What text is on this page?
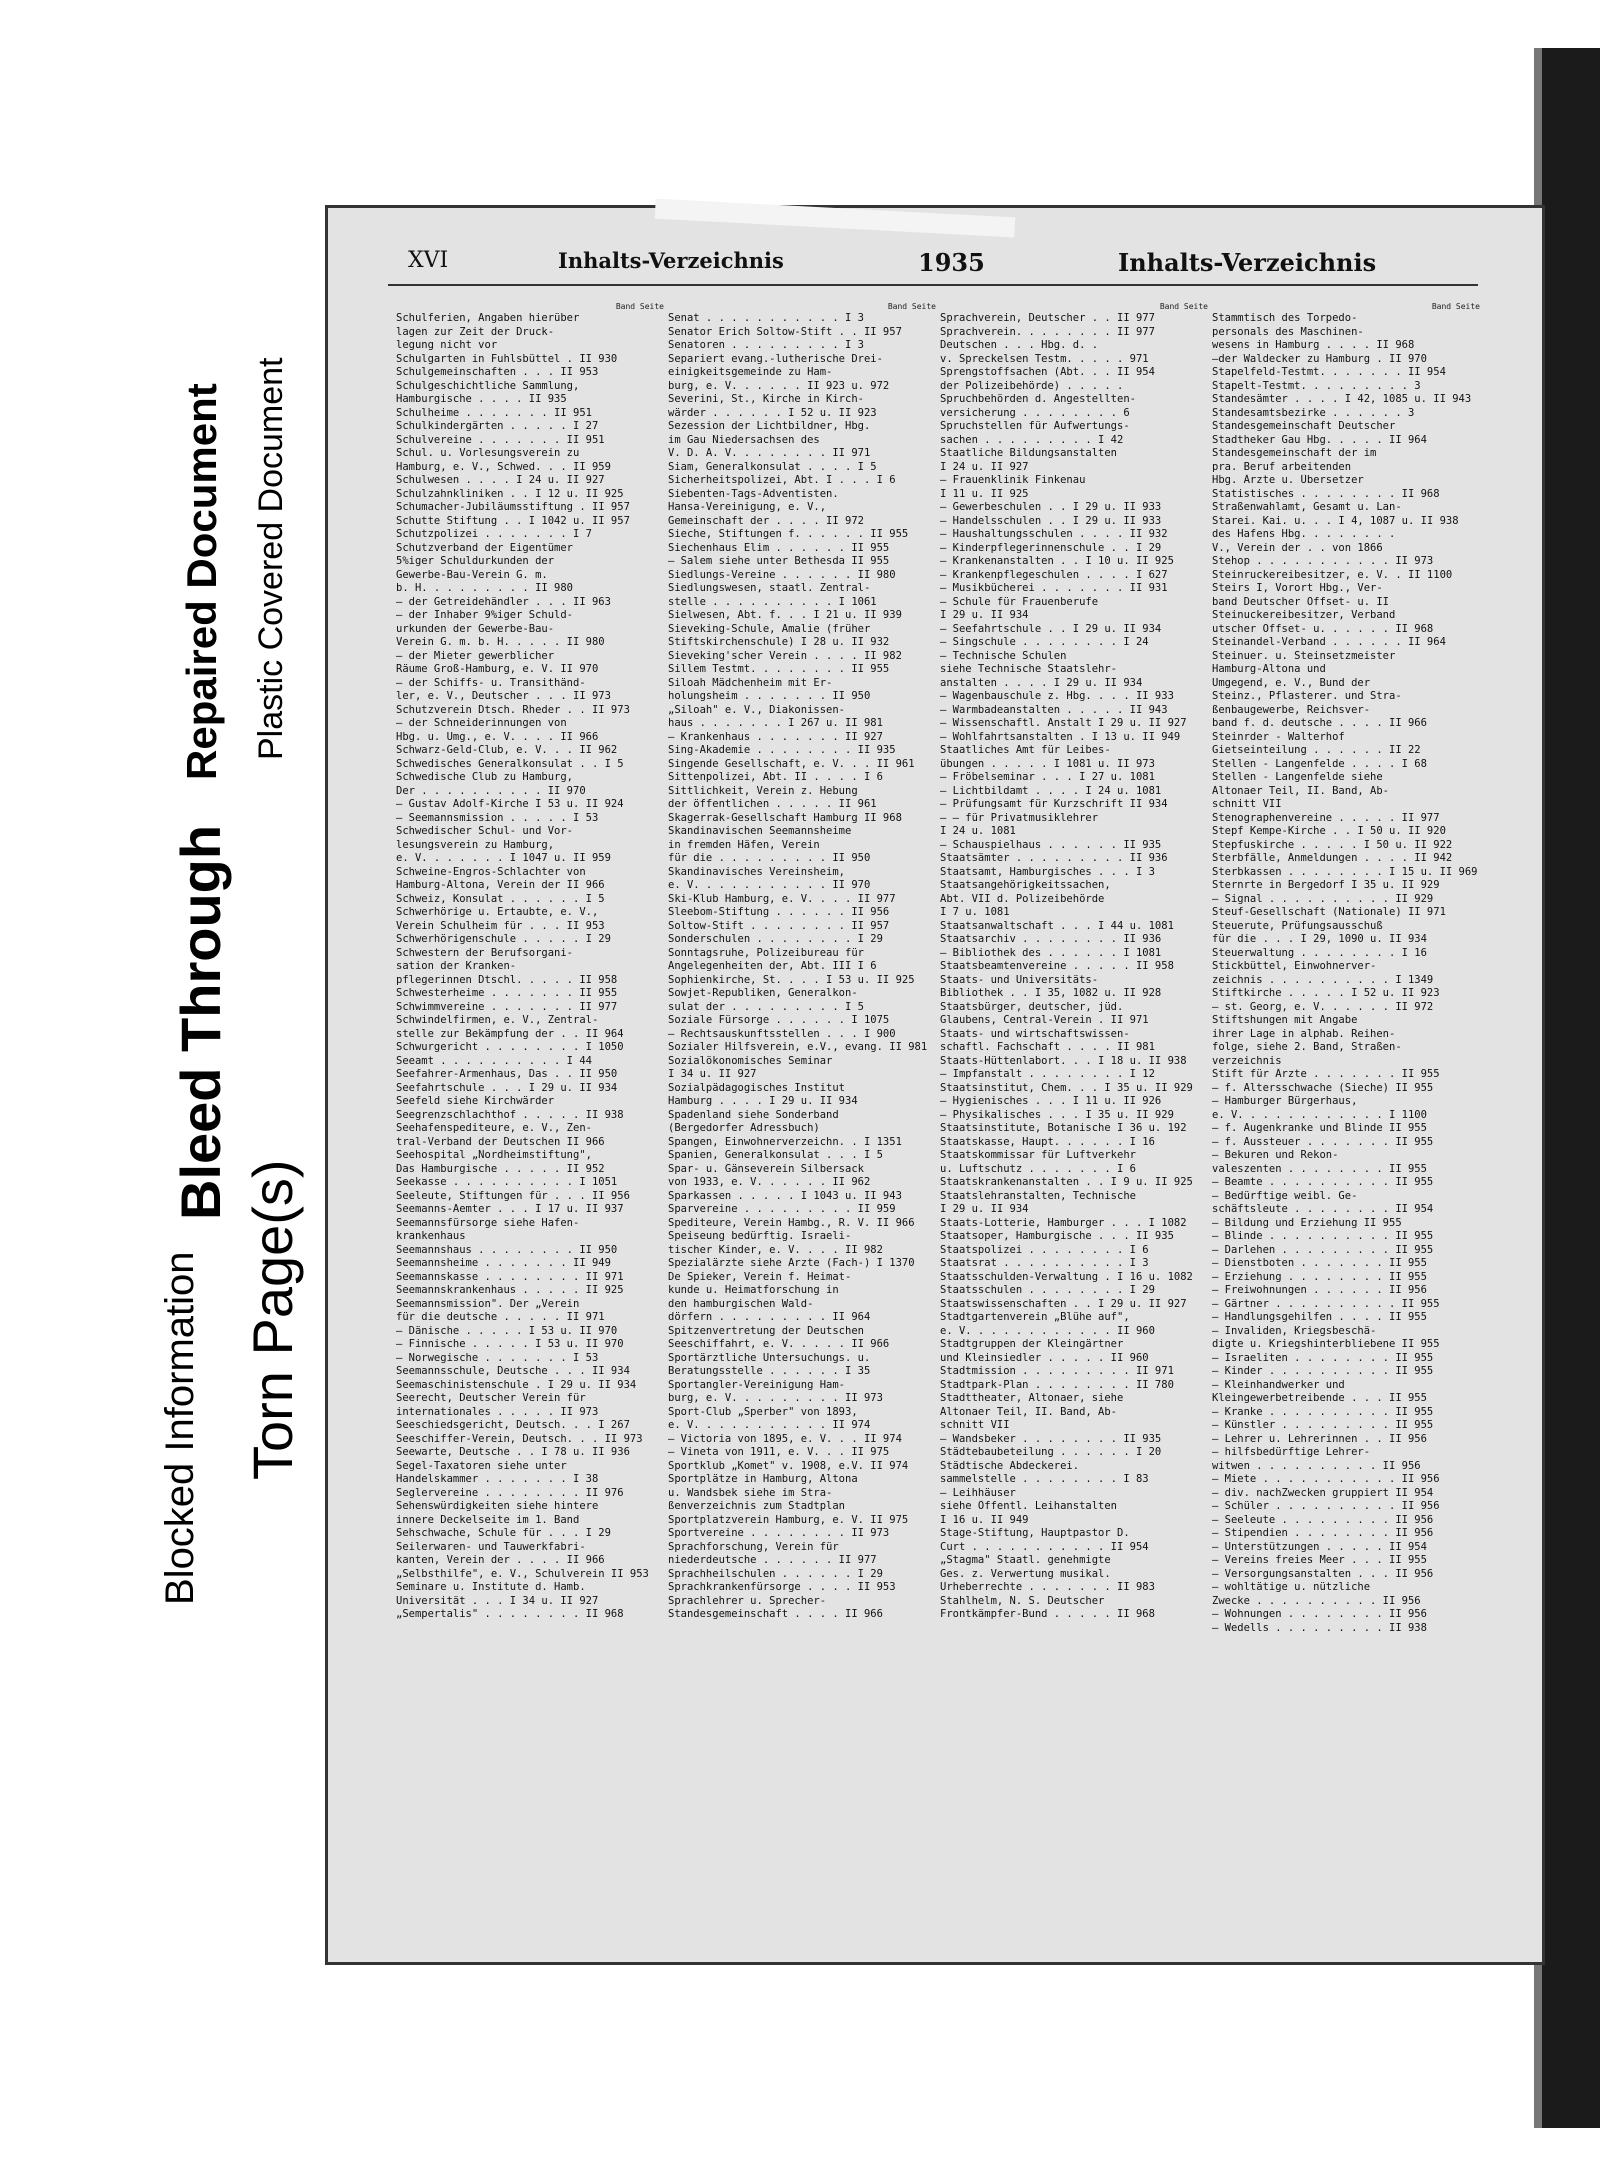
Blocked Information Torn Page(s)
Bleed Through
Repaired Document Plastic Covered Document
XVI	Inhalts-Verzeichnis	1935	Inhalts-Verzeichnis
Band Seite
Schulferien, Angaben hierüber
lagen zur Zeit der Druck-
legung nicht vor
Schulgarten in Fuhlsbüttel . II 930
Schulgemeinschaften . . . II 953
Schulgeschichtliche Sammlung,
Hamburgische . . . . II 935
Schulheime . . . . . . . II 951
Schulkindergärten . . . . . I 27
Schulvereine . . . . . . . II 951
Schul. u. Vorlesungsverein zu
Hamburg, e. V., Schwed. . . II 959
Schulwesen . . . . I 24 u. II 927
Schulzahnkliniken . . I 12 u. II 925
Schumacher-Jubiläumsstiftung . II 957
Schutte Stiftung . . I 1042 u. II 957
Schutzpolizei . . . . . . . I 7
Schutzverband der Eigentümer
5%iger Schuldurkunden der
Gewerbe-Bau-Verein G. m.
b. H. . . . . . . . . II 980
— der Getreidehändler . . . II 963
— der Inhaber 9%iger Schuld-
urkunden der Gewerbe-Bau-
Verein G. m. b. H. . . . . II 980
— der Mieter gewerblicher
Räume Groß-Hamburg, e. V. II 970
— der Schiffs- u. Transithänd-
ler, e. V., Deutscher . . . II 973
Schutzverein Dtsch. Rheder . . II 973
— der Schneiderinnungen von
Hbg. u. Umg., e. V. . . . II 966
Schwarz-Geld-Club, e. V. . . II 962
Schwedisches Generalkonsulat . . I 5
Schwedische Club zu Hamburg,
Der . . . . . . . . . . II 970
— Gustav Adolf-Kirche I 53 u. II 924
— Seemannsmission . . . . . I 53
Schwedischer Schul- und Vor-
lesungsverein zu Hamburg,
e. V. . . . . . . I 1047 u. II 959
Schweine-Engros-Schlachter von
Hamburg-Altona, Verein der II 966
Schweiz, Konsulat . . . . . . I 5
Schwerhörige u. Ertaubte, e. V.,
Verein Schulheim für . . . II 953
Schwerhörigenschule . . . . . I 29
Schwestern der Berufsorgani-
sation der Kranken-
pflegerinnen Dtschl. . . . . II 958
Schwesterheime . . . . . . . II 955
Schwimmvereine . . . . . . . II 977
Schwindelfirmen, e. V., Zentral-
stelle zur Bekämpfung der . . II 964
Schwurgericht . . . . . . . . I 1050
Seeamt . . . . . . . . . . I 44
Seefahrer-Armenhaus, Das . . II 950
Seefahrtschule . . . I 29 u. II 934
Seefeld siehe Kirchwärder
Seegrenzschlachthof . . . . . II 938
Seehafenspediteure, e. V., Zen-
tral-Verband der Deutschen II 966
Seehospital „Nordheimstiftung",
Das Hamburgische . . . . . II 952
Seekasse . . . . . . . . . . I 1051
Seeleute, Stiftungen für . . . II 956
Seemanns-Aemter . . . I 17 u. II 937
Seemannsfürsorge siehe Hafen-
krankenhaus
Seemannshaus . . . . . . . . II 950
Seemannsheime . . . . . . . II 949
Seemannskasse . . . . . . . . II 971
Seemannskrankenhaus . . . . . II 925
Seemannsmission". Der „Verein
für die deutsche . . . . . II 971
— Dänische . . . . . I 53 u. II 970
— Finnische . . . . . I 53 u. II 970
— Norwegische . . . . . . . I 53
Seemannsschule, Deutsche . . . II 934
Seemaschinistenschule . I 29 u. II 934
Seerecht, Deutscher Verein für
internationales . . . . . II 973
Seeschiedsgericht, Deutsch. . . I 267
Seeschiffer-Verein, Deutsch. . . II 973
Seewarte, Deutsche . . I 78 u. II 936
Segel-Taxatoren siehe unter
Handelskammer . . . . . . . I 38
Seglervereine . . . . . . . . II 976
Sehenswürdigkeiten siehe hintere
innere Deckelseite im 1. Band
Sehschwache, Schule für . . . I 29
Seilerwaren- und Tauwerkfabri-
kanten, Verein der . . . . II 966
„Selbsthilfe", e. V., Schulverein II 953
Seminare u. Institute d. Hamb.
Universität . . . I 34 u. II 927
„Sempertalis" . . . . . . . . II 968
Band Seite
Senat . . . . . . . . . . . I 3
Senator Erich Soltow-Stift . . II 957
Senatoren . . . . . . . . . I 3
Separiert evang.-lutherische Drei-
einigkeitsgemeinde zu Ham-
burg, e. V. . . . . . II 923 u. 972
Severini, St., Kirche in Kirch-
wärder . . . . . . I 52 u. II 923
Sezession der Lichtbildner, Hbg.
im Gau Niedersachsen des
V. D. A. V. . . . . . . . II 971
Siam, Generalkonsulat . . . . I 5
Sicherheitspolizei, Abt. I . . . I 6
Siebenten-Tags-Adventisten.
Hansa-Vereinigung, e. V.,
Gemeinschaft der . . . . II 972
Sieche, Stiftungen f. . . . . . II 955
Siechenhaus Elim . . . . . . II 955
— Salem siehe unter Bethesda II 955
Siedlungs-Vereine . . . . . . II 980
Siedlungswesen, staatl. Zentral-
stelle . . . . . . . . . . I 1061
Sielwesen, Abt. f. . . I 21 u. II 939
Sieveking-Schule, Amalie (früher
Stiftskirchenschule) I 28 u. II 932
Sieveking'scher Verein . . . . II 982
Sillem Testmt. . . . . . . . II 955
Siloah Mädchenheim mit Er-
holungsheim . . . . . . . II 950
„Siloah" e. V., Diakonissen-
haus . . . . . . . I 267 u. II 981
— Krankenhaus . . . . . . . II 927
Sing-Akademie . . . . . . . . II 935
Singende Gesellschaft, e. V. . . II 961
Sittenpolizei, Abt. II . . . . I 6
Sittlichkeit, Verein z. Hebung
der öffentlichen . . . . . II 961
Skagerrak-Gesellschaft Hamburg II 968
Skandinavischen Seemannsheime
in fremden Häfen, Verein
für die . . . . . . . . . II 950
Skandinavisches Vereinsheim,
e. V. . . . . . . . . . . II 970
Ski-Klub Hamburg, e. V. . . . II 977
Sleebom-Stiftung . . . . . . II 956
Soltow-Stift . . . . . . . . II 957
Sonderschulen . . . . . . . . I 29
Sonntagsruhe, Polizeibureau für
Angelegenheiten der, Abt. III I 6
Sophienkirche, St. . . . I 53 u. II 925
Sowjet-Republiken, Generalkon-
sulat der . . . . . . . . . I 5
Soziale Fürsorge . . . . . . I 1075
— Rechtsauskunftsstellen . . . I 900
Sozialer Hilfsverein, e.V., evang. II 981
Sozialökonomisches Seminar
I 34 u. II 927
Sozialpädagogisches Institut
Hamburg . . . . I 29 u. II 934
Spadenland siehe Sonderband
(Bergedorfer Adressbuch)
Spangen, Einwohnerverzeichn. . I 1351
Spanien, Generalkonsulat . . . I 5
Spar- u. Gänseverein Silbersack
von 1933, e. V. . . . . . II 962
Sparkassen . . . . . I 1043 u. II 943
Sparvereine . . . . . . . . . II 959
Spediteure, Verein Hambg., R. V. II 966
Speiseung bedürftig. Israeli-
tischer Kinder, e. V. . . . II 982
Spezialärzte siehe Ärzte (Fach-) I 1370
De Spieker, Verein f. Heimat-
kunde u. Heimatforschung in
den hamburgischen Wald-
dörfern . . . . . . . . . II 964
Spitzenvertretung der Deutschen
Seeschiffahrt, e. V. . . . . II 966
Sportärztliche Untersuchungs. u.
Beratungsstelle . . . . . . I 35
Sportangler-Vereinigung Ham-
burg, e. V. . . . . . . . . II 973
Sport-Club „Sperber" von 1893,
e. V. . . . . . . . . . . II 974
— Victoria von 1895, e. V. . . II 974
— Vineta von 1911, e. V. . . II 975
Sportklub „Komet" v. 1908, e.V. II 974
Sportplätze in Hamburg, Altona
u. Wandsbek siehe im Stra-
ßenverzeichnis zum Stadtplan
Sportplatzverein Hamburg, e. V. II 975
Sportvereine . . . . . . . . II 973
Sprachforschung, Verein für
niederdeutsche . . . . . . II 977
Sprachheilschulen . . . . . . I 29
Sprachkrankenfürsorge . . . . II 953
Sprachlehrer u. Sprecher-
Standesgemeinschaft . . . . II 966
Band Seite
Sprachverein, Deutscher . . II 977
Sprachverein. . . . . . . . II 977
Deutschen . . . Hbg. d. .
v. Spreckelsen Testm. . . . . 971
Sprengstoffsachen (Abt. . . II 954
der Polizeibehörde) . . . . .
Spruchbehörden d. Angestellten-
versicherung . . . . . . . . 6
Spruchstellen für Aufwertungs-
sachen . . . . . . . . . I 42
Staatliche Bildungsanstalten
I 24 u. II 927
— Frauenklinik Finkenau
I 11 u. II 925
— Gewerbeschulen . . I 29 u. II 933
— Handelsschulen . . I 29 u. II 933
— Haushaltungsschulen . . . . II 932
— Kinderpflegerinnenschule . . I 29
— Krankenanstalten . . I 10 u. II 925
— Krankenpflegeschulen . . . . I 627
— Musikbücherei . . . . . . . II 931
— Schule für Frauenberufe
I 29 u. II 934
— Seefahrtschule . . I 29 u. II 934
— Singschule . . . . . . . . I 24
— Technische Schulen
siehe Technische Staatslehr-
anstalten . . . . I 29 u. II 934
— Wagenbauschule z. Hbg. . . . II 933
— Warmbadeanstalten . . . . . II 943
— Wissenschaftl. Anstalt I 29 u. II 927
— Wohlfahrtsanstalten . I 13 u. II 949
Staatliches Amt für Leibes-
übungen . . . . . I 1081 u. II 973
— Fröbelseminar . . . I 27 u. 1081
— Lichtbildamt . . . . I 24 u. 1081
— Prüfungsamt für Kurzschrift II 934
— — für Privatmusiklehrer
I 24 u. 1081
— Schauspielhaus . . . . . . II 935
Staatsämter . . . . . . . . . II 936
Staatsamt, Hamburgisches . . . I 3
Staatsangehörigkeitssachen,
Abt. VII d. Polizeibehörde
I 7 u. 1081
Staatsanwaltschaft . . . I 44 u. 1081
Staatsarchiv . . . . . . . . II 936
— Bibliothek des . . . . . . I 1081
Staatsbeamtenvereine . . . . . II 958
Staats- und Universitäts-
Bibliothek . . I 35, 1082 u. II 928
Staatsbürger, deutscher, jüd.
Glaubens, Central-Verein . II 971
Staats- und wirtschaftswissen-
schaftl. Fachschaft . . . . II 981
Staats-Hüttenlabort. . . I 18 u. II 938
— Impfanstalt . . . . . . . . I 12
Staatsinstitut, Chem. . . I 35 u. II 929
— Hygienisches . . . I 11 u. II 926
— Physikalisches . . . I 35 u. II 929
Staatsinstitute, Botanische I 36 u. 192
Staatskasse, Haupt. . . . . . I 16
Staatskommissar für Luftverkehr
u. Luftschutz . . . . . . . I 6
Staatskrankenanstalten . . I 9 u. II 925
Staatslehranstalten, Technische
I 29 u. II 934
Staats-Lotterie, Hamburger . . . I 1082
Staatsoper, Hamburgische . . . II 935
Staatspolizei . . . . . . . . I 6
Staatsrat . . . . . . . . . . I 3
Staatsschulden-Verwaltung . I 16 u. 1082
Staatsschulen . . . . . . . . I 29
Staatswissenschaften . . I 29 u. II 927
Stadtgartenverein „Blühe auf",
e. V. . . . . . . . . . . . II 960
Stadtgruppen der Kleingärtner
und Kleinsiedler . . . . . II 960
Stadtmission . . . . . . . . . II 971
Stadtpark-Plan . . . . . . . . II 780
Stadttheater, Altonaer, siehe
Altonaer Teil, II. Band, Ab-
schnitt VII
— Wandsbeker . . . . . . . . II 935
Städtebaubeteilung . . . . . . I 20
Städtische Abdeckerei.
sammelstelle . . . . . . . . I 83
— Leihhäuser
siehe Öffentl. Leihanstalten
I 16 u. II 949
Stage-Stiftung, Hauptpastor D.
Curt . . . . . . . . . . . II 954
„Stagma" Staatl. genehmigte
Ges. z. Verwertung musikal.
Urheberrechte . . . . . . . II 983
Stahlhelm, N. S. Deutscher
Frontkämpfer-Bund . . . . . II 968
Band Seite
Stammtisch des Torpedo-
personals des Maschinen-
wesens in Hamburg . . . . II 968
—der Waldecker zu Hamburg . II 970
Stapelfeld-Testmt. . . . . . . II 954
Stapelt-Testmt. . . . . . . . . 3
Standesämter . . . . I 42, 1085 u. II 943
Standesamtsbezirke . . . . . . 3
Standesgemeinschaft Deutscher
Stadtheker Gau Hbg. . . . . II 964
Standesgemeinschaft der im
pra. Beruf arbeitenden
Hbg. Ärzte u. Übersetzer
Statistisches . . . . . . . . II 968
Straßenwahlamt, Gesamt u. Lan-
Starei. Kai. u. . . I 4, 1087 u. II 938
des Hafens Hbg. . . . . . . .
V., Verein der . . von 1866
Stehop . . . . . . . . . . . II 973
Steinruckereibesitzer, e. V. . II 1100
Steirs I, Vorort Hbg., Ver-
band Deutscher Offset- u. II
Steinuckereibesitzer, Verband
utscher Offset- u. . . . . . II 968
Steinandel-Verband . . . . . . II 964
Steinuer. u. Steinsetzmeister
Hamburg-Altona und
Umgegend, e. V., Bund der
Steinz., Pflasterer. und Stra-
ßenbaugewerbe, Reichsver-
band f. d. deutsche . . . . II 966
Steinrder - Walterhof
Gietseinteilung . . . . . . II 22
Stellen - Langenfelde . . . . I 68
Stellen - Langenfelde siehe
Altonaer Teil, II. Band, Ab-
schnitt VII
Stenographenvereine . . . . . II 977
Stepf Kempe-Kirche . . I 50 u. II 920
Stepfuskirche . . . . . I 50 u. II 922
Sterbfälle, Anmeldungen . . . . II 942
Sterbkassen . . . . . . . . I 15 u. II 969
Sternrte in Bergedorf I 35 u. II 929
— Signal . . . . . . . . . . II 929
Steuf-Gesellschaft (Nationale) II 971
Steuerute, Prüfungsausschuß
für die . . . I 29, 1090 u. II 934
Steuerwaltung . . . . . . . . I 16
Stickbüttel, Einwohnerver-
zeichnis . . . . . . . . . . I 1349
Stiftkirche . . . . . I 52 u. II 923
— st. Georg, e. V. . . . . . II 972
Stiftshungen mit Angabe
ihrer Lage in alphab. Reihen-
folge, siehe 2. Band, Straßen-
verzeichnis
Stift für Ärzte . . . . . . . II 955
— f. Altersschwache (Sieche) II 955
— Hamburger Bürgerhaus,
e. V. . . . . . . . . . . . I 1100
— f. Augenkranke und Blinde II 955
— f. Aussteuer . . . . . . . II 955
— Bekuren und Rekon-
valeszenten . . . . . . . . II 955
— Beamte . . . . . . . . . . II 955
— Bedürftige weibl. Ge-
schäftsleute . . . . . . . . II 954
— Bildung und Erziehung II 955
— Blinde . . . . . . . . . . II 955
— Darlehen . . . . . . . . . II 955
— Dienstboten . . . . . . . II 955
— Erziehung . . . . . . . . II 955
— Freiwohnungen . . . . . . II 956
— Gärtner . . . . . . . . . . II 955
— Handlungsgehilfen . . . . II 955
— Invaliden, Kriegsbeschä-
digte u. Kriegshinterbliebene II 955
— Israeliten . . . . . . . . II 955
— Kinder . . . . . . . . . . II 955
— Kleinhandwerker und
Kleingewerbetreibende . . . II 955
— Kranke . . . . . . . . . . II 955
— Künstler . . . . . . . . . II 955
— Lehrer u. Lehrerinnen . . II 956
— hilfsbedürftige Lehrer-
witwen . . . . . . . . . . II 956
— Miete . . . . . . . . . . . II 956
— div. nachZwecken gruppiert II 954
— Schüler . . . . . . . . . . II 956
— Seeleute . . . . . . . . . II 956
— Stipendien . . . . . . . . II 956
— Unterstützungen . . . . . II 954
— Vereins freies Meer . . . II 955
— Versorgungsanstalten . . . II 956
— wohltätige u. nützliche
Zwecke . . . . . . . . . . II 956
— Wohnungen . . . . . . . . II 956
— Wedells . . . . . . . . . II 938
